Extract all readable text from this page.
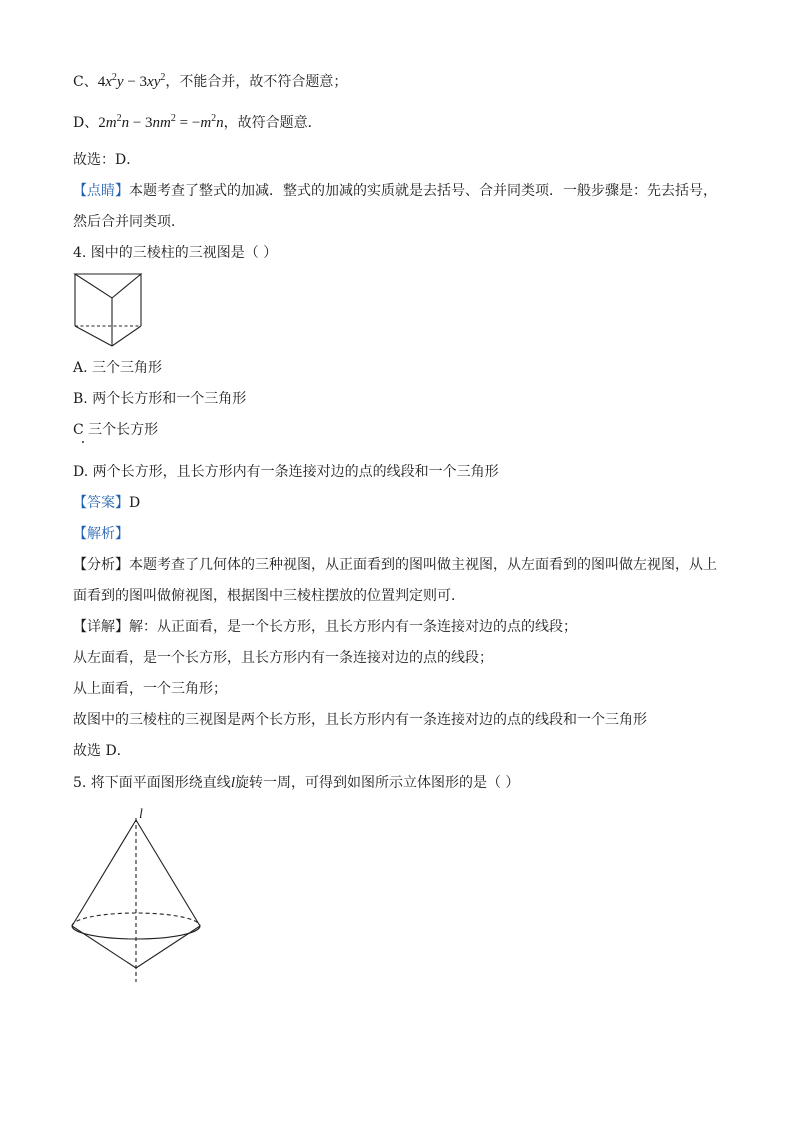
C、$4x^2y - 3xy^2$，不能合并，故不符合题意；
D、$2m^2n - 3nm^2 = -m^2n$，故符合题意．
故选：D．
【点睛】本题考查了整式的加减．整式的加减的实质就是去括号、合并同类项．一般步骤是：先去括号，
然后合并同类项．
4. 图中的三棱柱的三视图是（ ）
A. 三个三角形
B. 两个长方形和一个三角形
C 三个长方形
D. 两个长方形，且长方形内有一条连接对边的点的线段和一个三角形
【答案】D
【解析】
【分析】本题考查了几何体的三种视图，从正面看到的图叫做主视图，从左面看到的图叫做左视图，从上
面看到的图叫做俯视图，根据图中三棱柱摆放的位置判定则可．
【详解】解：从正面看，是一个长方形，且长方形内有一条连接对边的点的线段；
从左面看，是一个长方形，且长方形内有一条连接对边的点的线段；
从上面看，一个三角形；
故图中的三棱柱的三视图是两个长方形，且长方形内有一条连接对边的点的线段和一个三角形
故选 D．
5. 将下面平面图形绕直线l旋转一周，可得到如图所示立体图形的是（ ）
l
